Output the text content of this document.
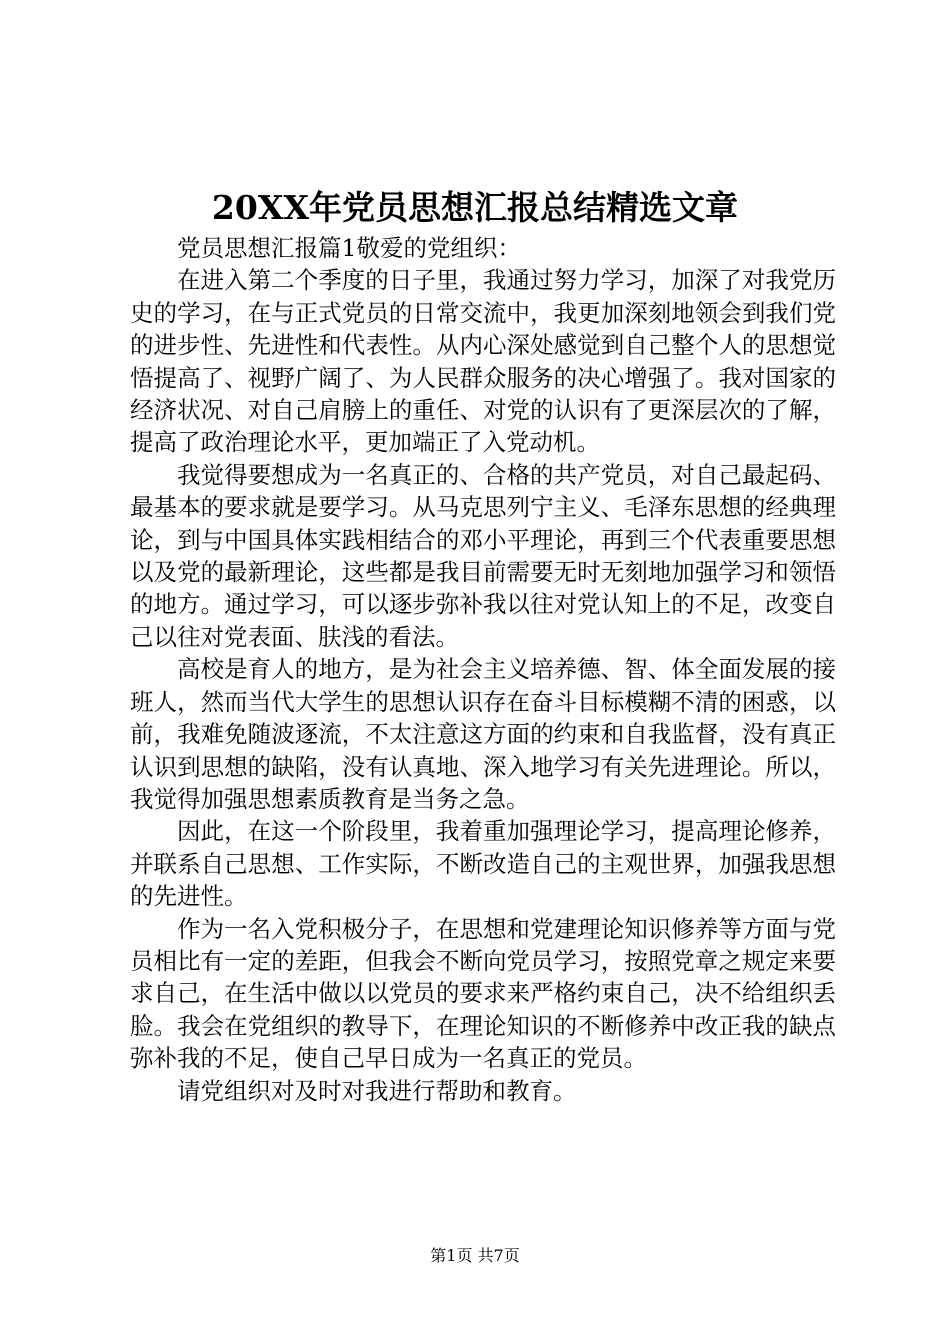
20XX年党员思想汇报总结精选文章

党员思想汇报篇1敬爱的党组织：

在进入第二个季度的日子里，我通过努力学习，加深了对我党历史的学习，在与正式党员的日常交流中，我更加深刻地领会到我们党的进步性、先进性和代表性。从内心深处感觉到自己整个人的思想觉悟提高了、视野广阔了、为人民群众服务的决心增强了。我对国家的经济状况、对自己肩膀上的重任、对党的认识有了更深层次的了解，提高了政治理论水平，更加端正了入党动机。

我觉得要想成为一名真正的、合格的共产党员，对自己最起码、最基本的要求就是要学习。从马克思列宁主义、毛泽东思想的经典理论，到与中国具体实践相结合的邓小平理论，再到三个代表重要思想以及党的最新理论，这些都是我目前需要无时无刻地加强学习和领悟的地方。通过学习，可以逐步弥补我以往对党认知上的不足，改变自己以往对党表面、肤浅的看法。

高校是育人的地方，是为社会主义培养德、智、体全面发展的接班人，然而当代大学生的思想认识存在奋斗目标模糊不清的困惑，以前，我难免随波逐流，不太注意这方面的约束和自我监督，没有真正认识到思想的缺陷，没有认真地、深入地学习有关先进理论。所以，我觉得加强思想素质教育是当务之急。

因此，在这一个阶段里，我着重加强理论学习，提高理论修养，并联系自己思想、工作实际，不断改造自己的主观世界，加强我思想的先进性。

作为一名入党积极分子，在思想和党建理论知识修养等方面与党员相比有一定的差距，但我会不断向党员学习，按照党章之规定来要求自己，在生活中做以以党员的要求来严格约束自己，决不给组织丢脸。我会在党组织的教导下，在理论知识的不断修养中改正我的缺点弥补我的不足，使自己早日成为一名真正的党员。

请党组织对及时对我进行帮助和教育。

第1页 共7页
